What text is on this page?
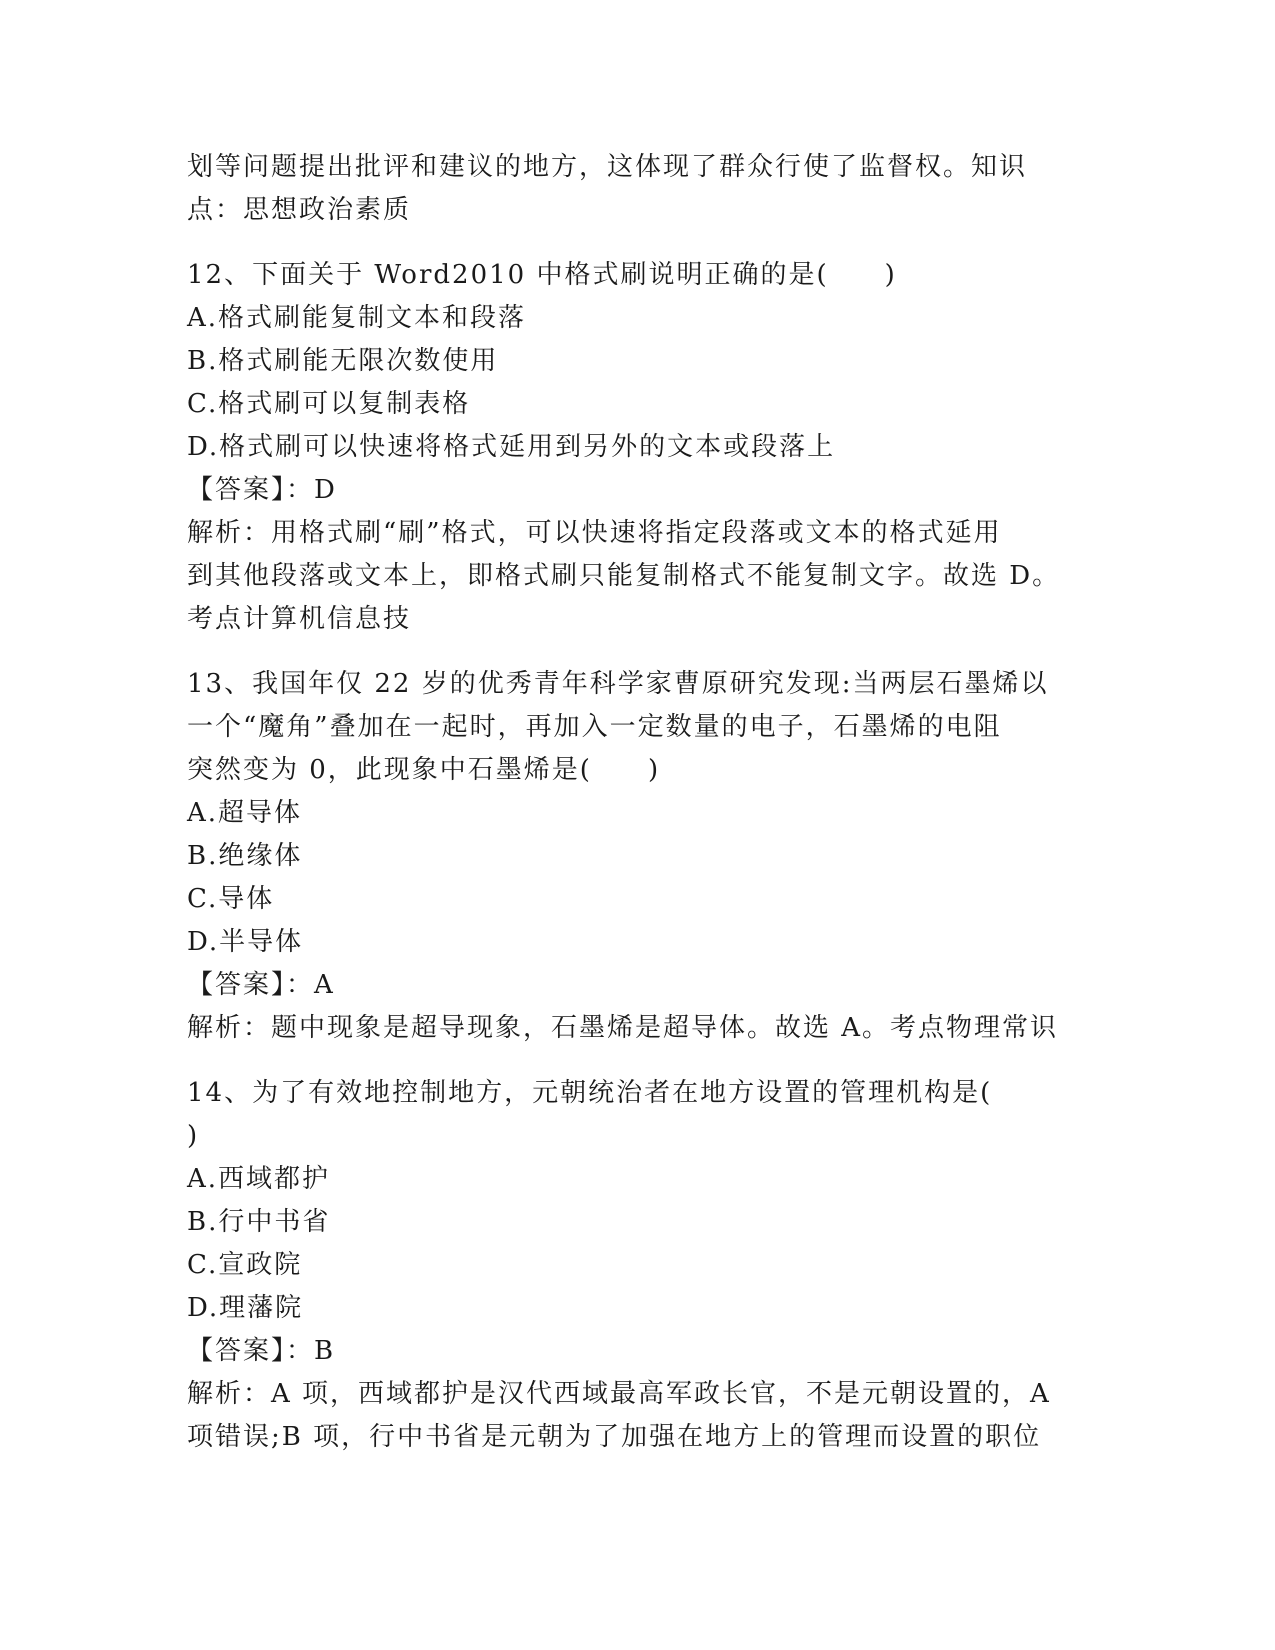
划等问题提出批评和建议的地方，这体现了群众行使了监督权。知识
点：思想政治素质
12、下面关于 Word2010 中格式刷说明正确的是(　　)
A.格式刷能复制文本和段落
B.格式刷能无限次数使用
C.格式刷可以复制表格
D.格式刷可以快速将格式延用到另外的文本或段落上
【答案】：D
解析：用格式刷“刷”格式，可以快速将指定段落或文本的格式延用
到其他段落或文本上，即格式刷只能复制格式不能复制文字。故选 D。
考点计算机信息技
13、我国年仅 22 岁的优秀青年科学家曹原研究发现:当两层石墨烯以
一个“魔角”叠加在一起时，再加入一定数量的电子，石墨烯的电阻
突然变为 0，此现象中石墨烯是(　　)
A.超导体
B.绝缘体
C.导体
D.半导体
【答案】：A
解析：题中现象是超导现象，石墨烯是超导体。故选 A。考点物理常识
14、为了有效地控制地方，元朝统治者在地方设置的管理机构是(
)
A.西域都护
B.行中书省
C.宣政院
D.理藩院
【答案】：B
解析：A 项，西域都护是汉代西域最高军政长官，不是元朝设置的，A
项错误;B 项，行中书省是元朝为了加强在地方上的管理而设置的职位
